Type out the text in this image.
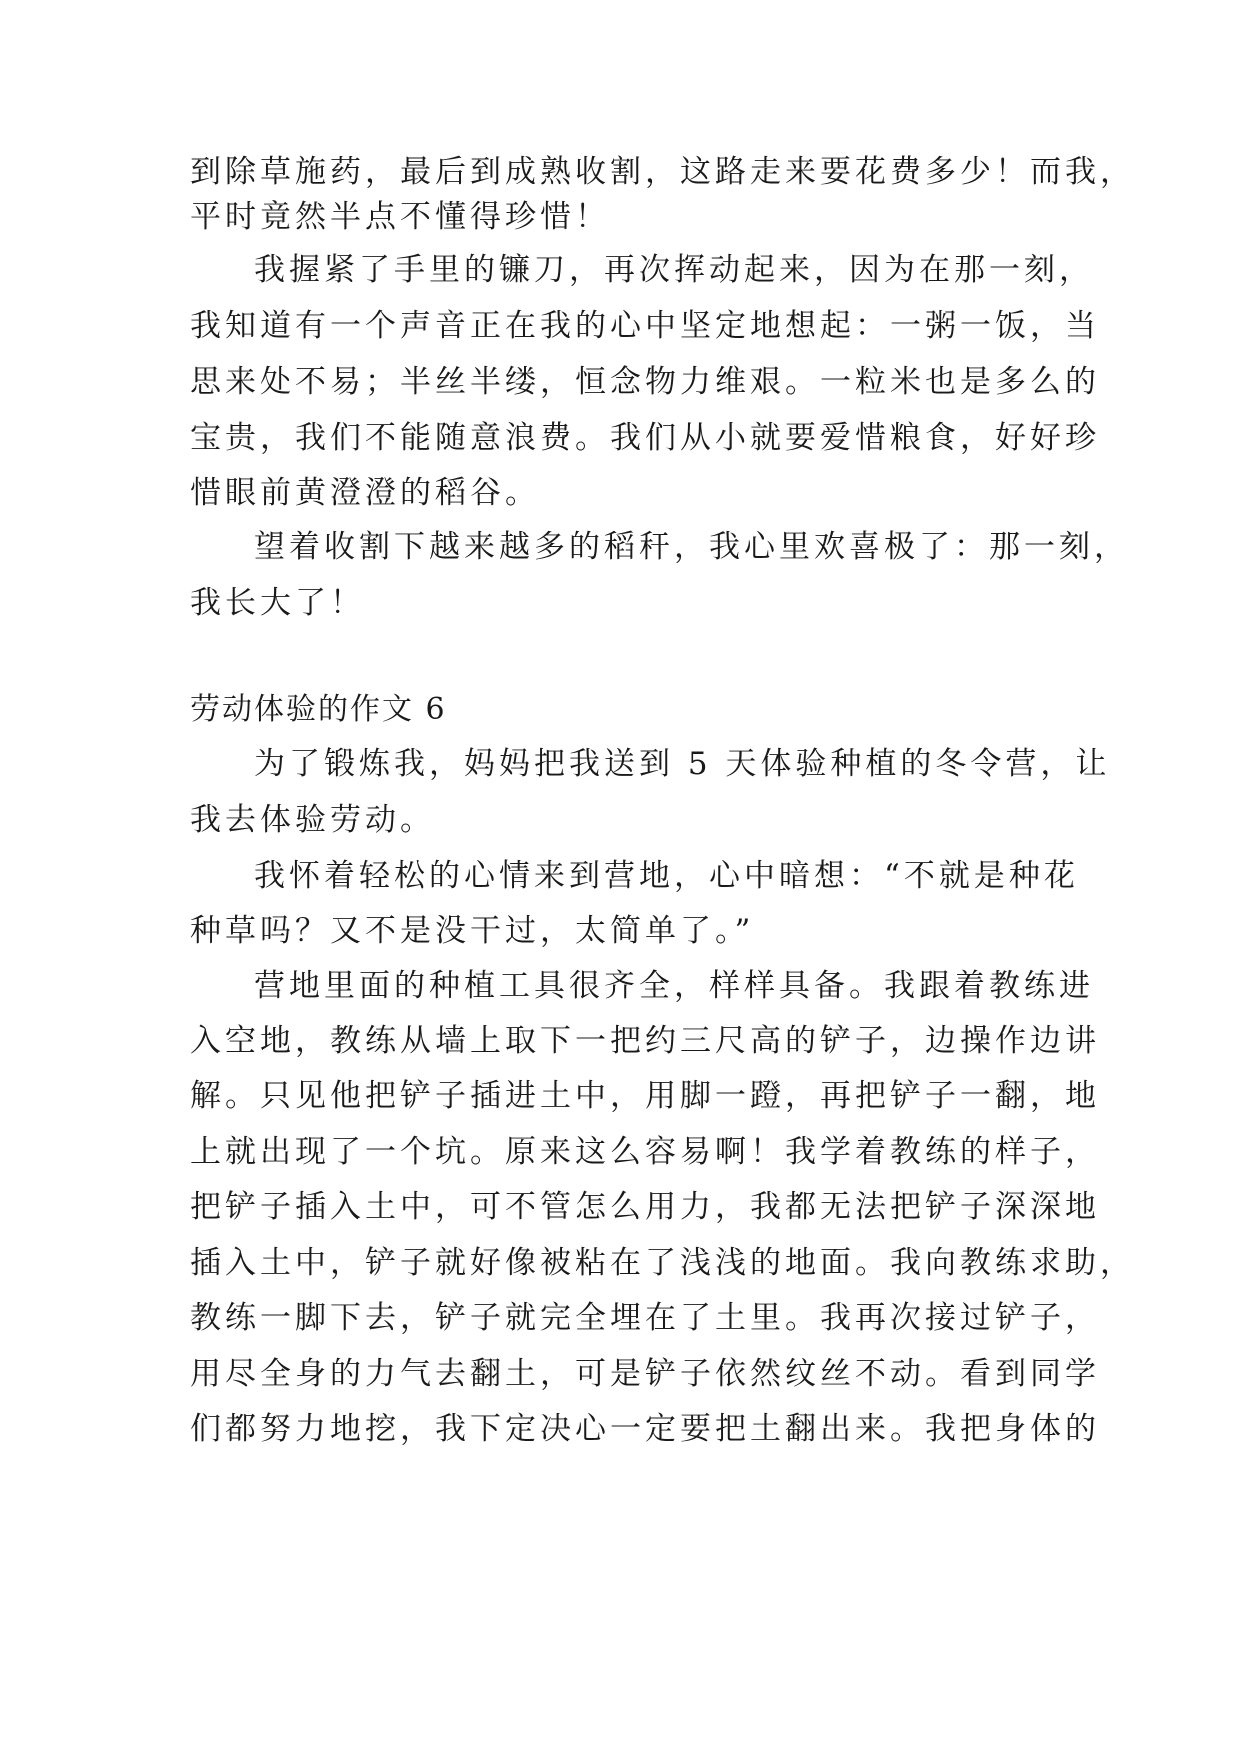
到除草施药，最后到成熟收割，这路走来要花费多少！而我，
平时竟然半点不懂得珍惜！
我握紧了手里的镰刀，再次挥动起来，因为在那一刻，
我知道有一个声音正在我的心中坚定地想起：一粥一饭，当
思来处不易；半丝半缕，恒念物力维艰。一粒米也是多么的
宝贵，我们不能随意浪费。我们从小就要爱惜粮食，好好珍
惜眼前黄澄澄的稻谷。
望着收割下越来越多的稻秆，我心里欢喜极了：那一刻，
我长大了！
劳动体验的作文 6
为了锻炼我，妈妈把我送到 5 天体验种植的冬令营，让
我去体验劳动。
我怀着轻松的心情来到营地，心中暗想：“不就是种花
种草吗？又不是没干过，太简单了。”
营地里面的种植工具很齐全，样样具备。我跟着教练进
入空地，教练从墙上取下一把约三尺高的铲子，边操作边讲
解。只见他把铲子插进土中，用脚一蹬，再把铲子一翻，地
上就出现了一个坑。原来这么容易啊！我学着教练的样子，
把铲子插入土中，可不管怎么用力，我都无法把铲子深深地
插入土中，铲子就好像被粘在了浅浅的地面。我向教练求助，
教练一脚下去，铲子就完全埋在了土里。我再次接过铲子，
用尽全身的力气去翻土，可是铲子依然纹丝不动。看到同学
们都努力地挖，我下定决心一定要把土翻出来。我把身体的
